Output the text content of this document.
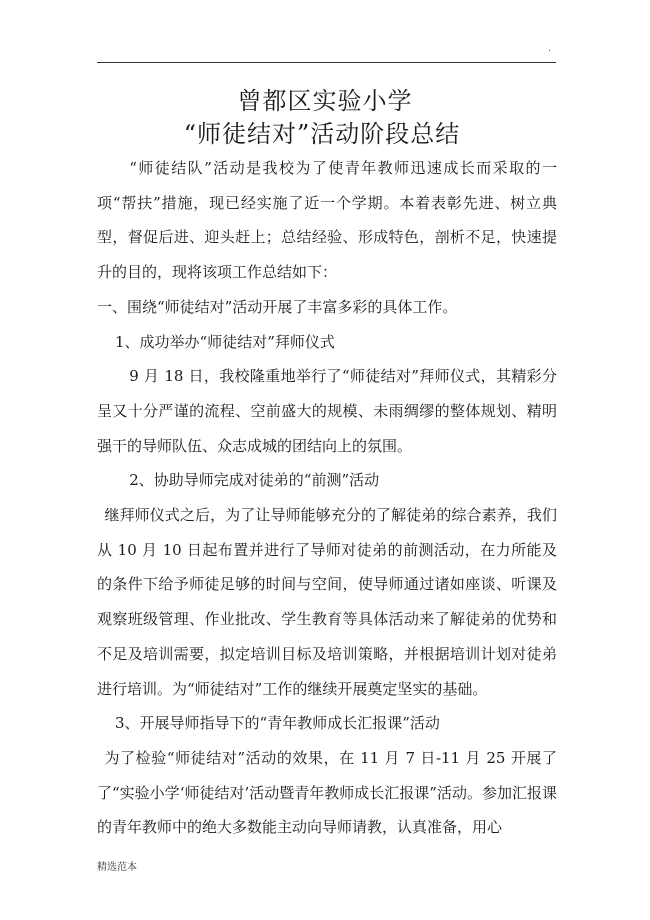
.
曾都区实验小学
“师徒结对”活动阶段总结

“师徒结队”活动是我校为了使青年教师迅速成长而采取的一项“帮扶”措施，现已经实施了近一个学期。本着表彰先进、树立典型，督促后进、迎头赶上；总结经验、形成特色，剖析不足，快速提升的目的，现将该项工作总结如下：

一、围绕“师徒结对”活动开展了丰富多彩的具体工作。

1、成功举办“师徒结对”拜师仪式

9 月 18 日，我校隆重地举行了“师徒结对”拜师仪式，其精彩分呈又十分严谨的流程、空前盛大的规模、未雨绸缪的整体规划、精明强干的导师队伍、众志成城的团结向上的氛围。

2、协助导师完成对徒弟的“前测”活动

继拜师仪式之后，为了让导师能够充分的了解徒弟的综合素养，我们从 10 月 10 日起布置并进行了导师对徒弟的前测活动，在力所能及的条件下给予师徒足够的时间与空间，使导师通过诸如座谈、听课及观察班级管理、作业批改、学生教育等具体活动来了解徒弟的优势和不足及培训需要，拟定培训目标及培训策略，并根据培训计划对徒弟进行培训。为“师徒结对”工作的继续开展奠定坚实的基础。

3、开展导师指导下的“青年教师成长汇报课”活动

为了检验“师徒结对”活动的效果，在 11 月 7 日-11 月 25 开展了了“实验小学‘师徒结对’活动暨青年教师成长汇报课”活动。参加汇报课的青年教师中的绝大多数能主动向导师请教，认真准备，用心

精选范本
